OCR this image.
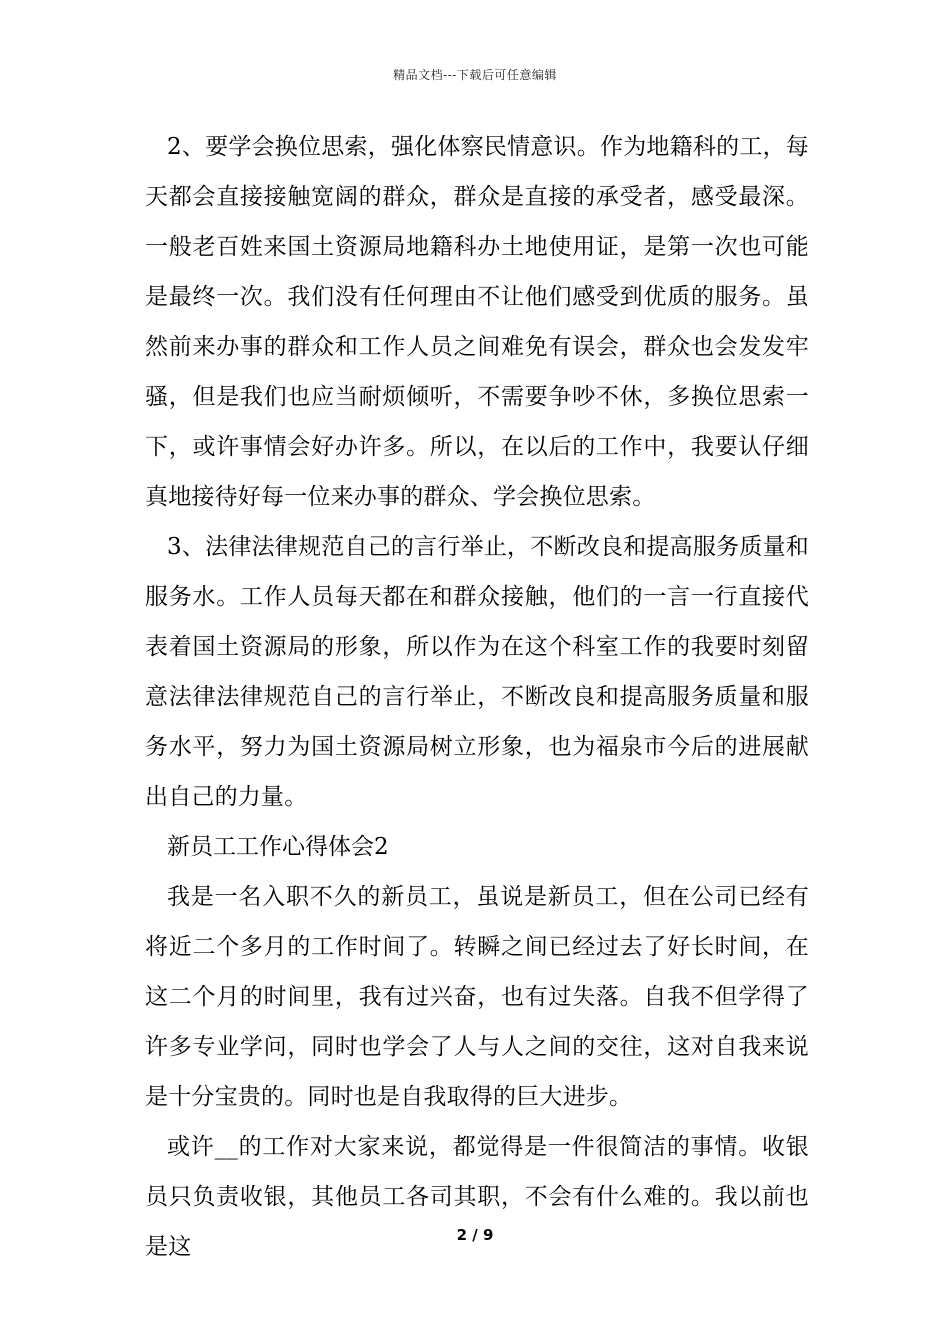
精品文档---下载后可任意编辑

2、要学会换位思索，强化体察民情意识。作为地籍科的工，每天都会直接接触宽阔的群众，群众是直接的承受者，感受最深。一般老百姓来国土资源局地籍科办土地使用证，是第一次也可能是最终一次。我们没有任何理由不让他们感受到优质的服务。虽然前来办事的群众和工作人员之间难免有误会，群众也会发发牢骚，但是我们也应当耐烦倾听，不需要争吵不休，多换位思索一下，或许事情会好办许多。所以，在以后的工作中，我要认仔细真地接待好每一位来办事的群众、学会换位思索。

3、法律法律规范自己的言行举止，不断改良和提高服务质量和服务水。工作人员每天都在和群众接触，他们的一言一行直接代表着国土资源局的形象，所以作为在这个科室工作的我要时刻留意法律法律规范自己的言行举止，不断改良和提高服务质量和服务水平，努力为国土资源局树立形象，也为福泉市今后的进展献出自己的力量。

新员工工作心得体会2

我是一名入职不久的新员工，虽说是新员工，但在公司已经有将近二个多月的工作时间了。转瞬之间已经过去了好长时间，在这二个月的时间里，我有过兴奋，也有过失落。自我不但学得了许多专业学问，同时也学会了人与人之间的交往，这对自我来说是十分宝贵的。同时也是自我取得的巨大进步。

或许__的工作对大家来说，都觉得是一件很简洁的事情。收银员只负责收银，其他员工各司其职，不会有什么难的。我以前也是这	2 / 9
